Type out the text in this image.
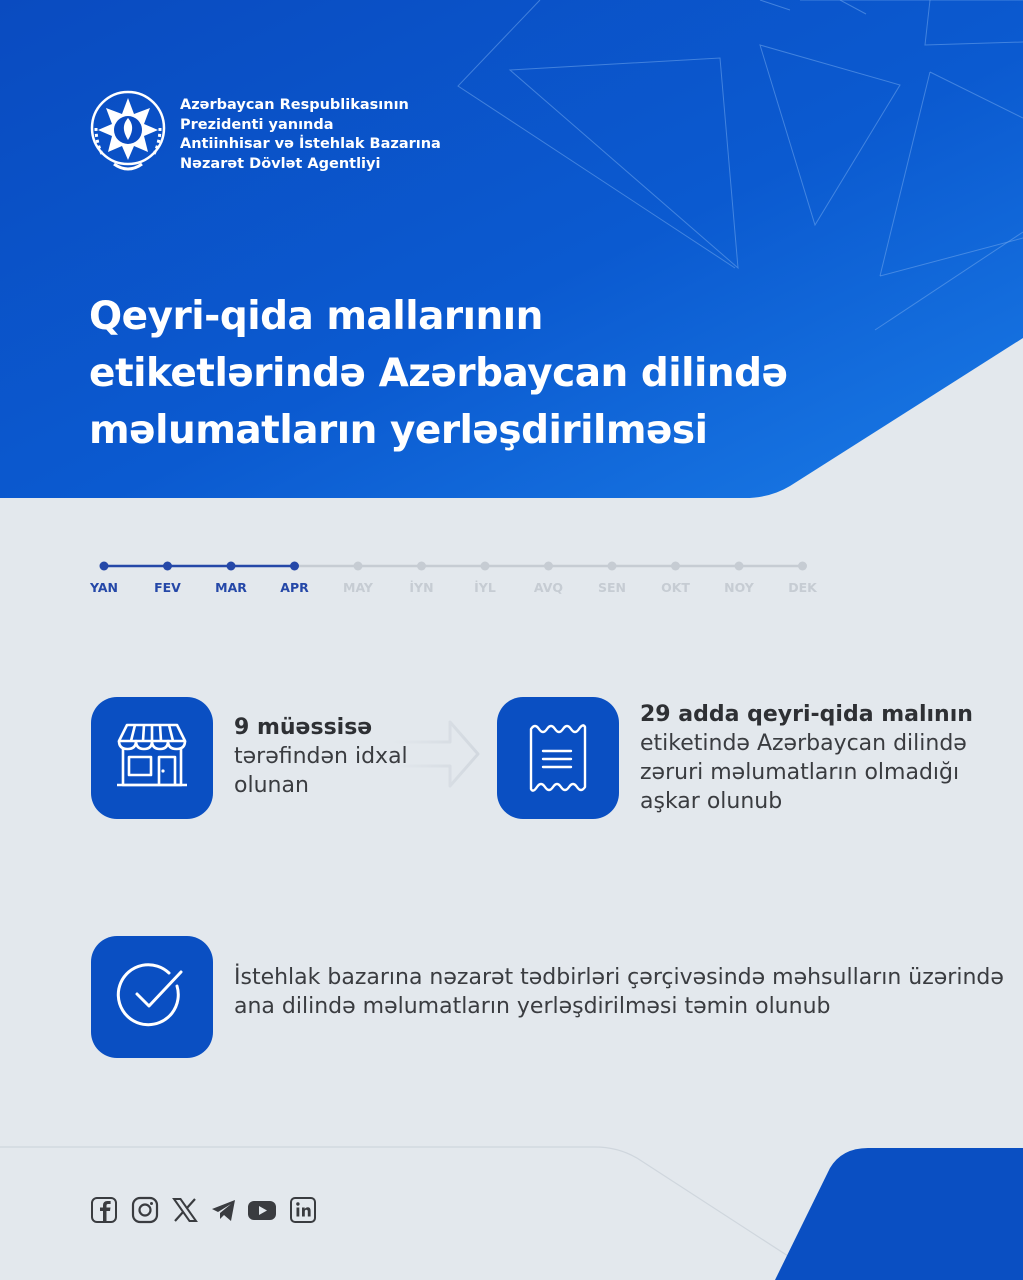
Azərbaycan Respublikasının
Prezidenti yanında
Antiinhisar və İstehlak Bazarına
Nəzarət Dövlət Agentliyi
Qeyri-qida mallarının
etiketlərində Azərbaycan dilində
məlumatların yerləşdirilməsi
YAN	FEV	MAR	APR	MAY	İYN	İYL	AVQ	SEN	OKT	NOY	DEK
9 müəssisə
tərəfindən idxal
olunan
29 adda qeyri-qida malının
etiketində Azərbaycan dilində
zəruri məlumatların olmadığı
aşkar olunub
İstehlak bazarına nəzarət tədbirləri çərçivəsində məhsulların üzərində
ana dilində məlumatların yerləşdirilməsi təmin olunub
